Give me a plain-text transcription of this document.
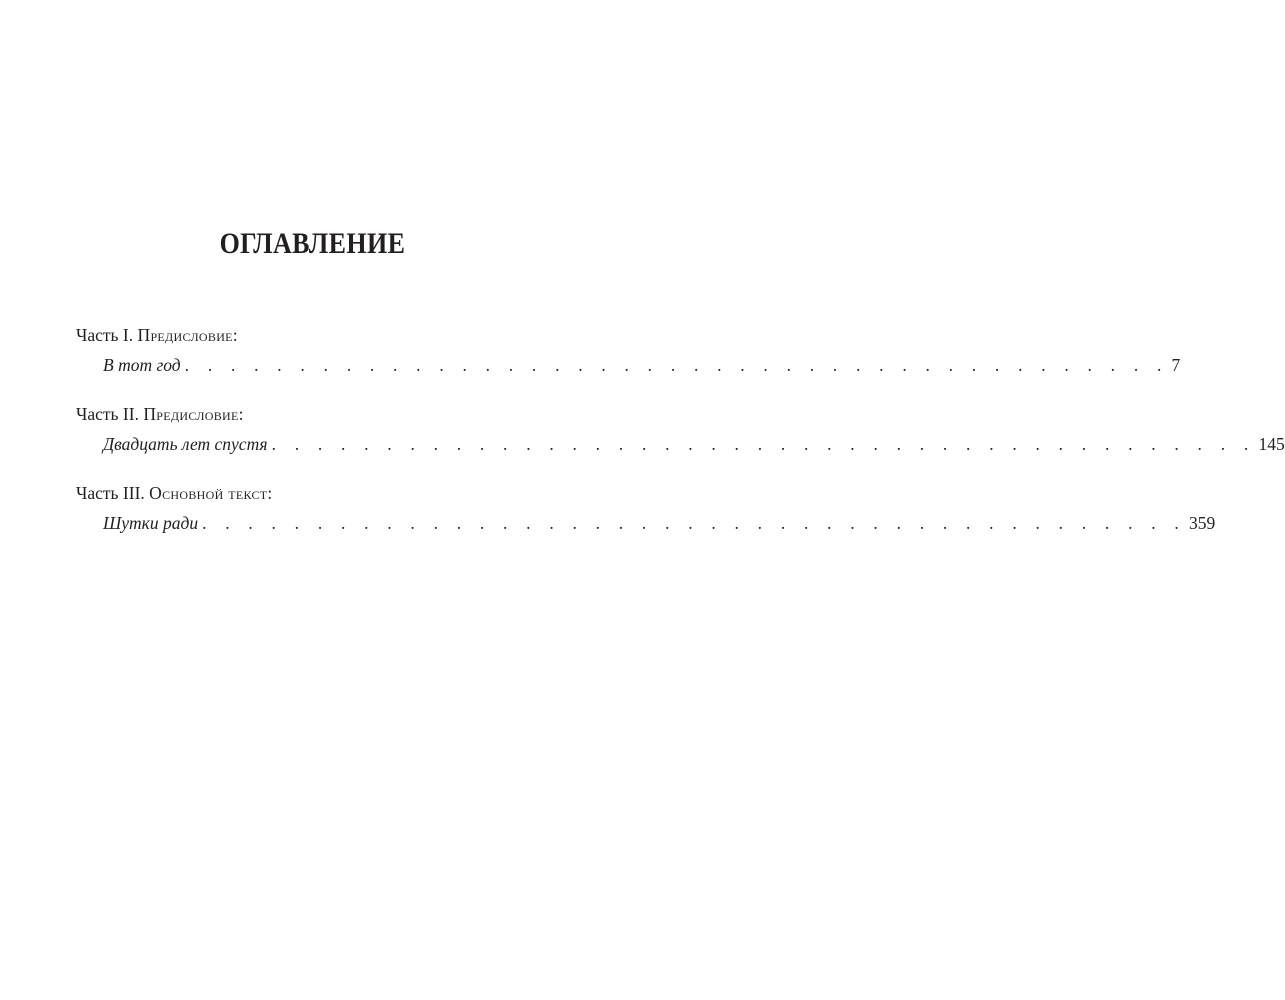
ОГЛАВЛЕНИЕ
Часть I. Предисловие:
В тот год . . . . . . . . . . . . . . . . . . . . . . . . . . . . . . . . . . . . . . . . . . . 7
Часть II. Предисловие:
Двадцать лет спустя . . . . . . . . . . . . . . . . . . . . . . . . . . . . . . . . . . . . . . . . . . . 145
Часть III. Основной текст:
Шутки ради . . . . . . . . . . . . . . . . . . . . . . . . . . . . . . . . . . . . . . . . . . . 359
